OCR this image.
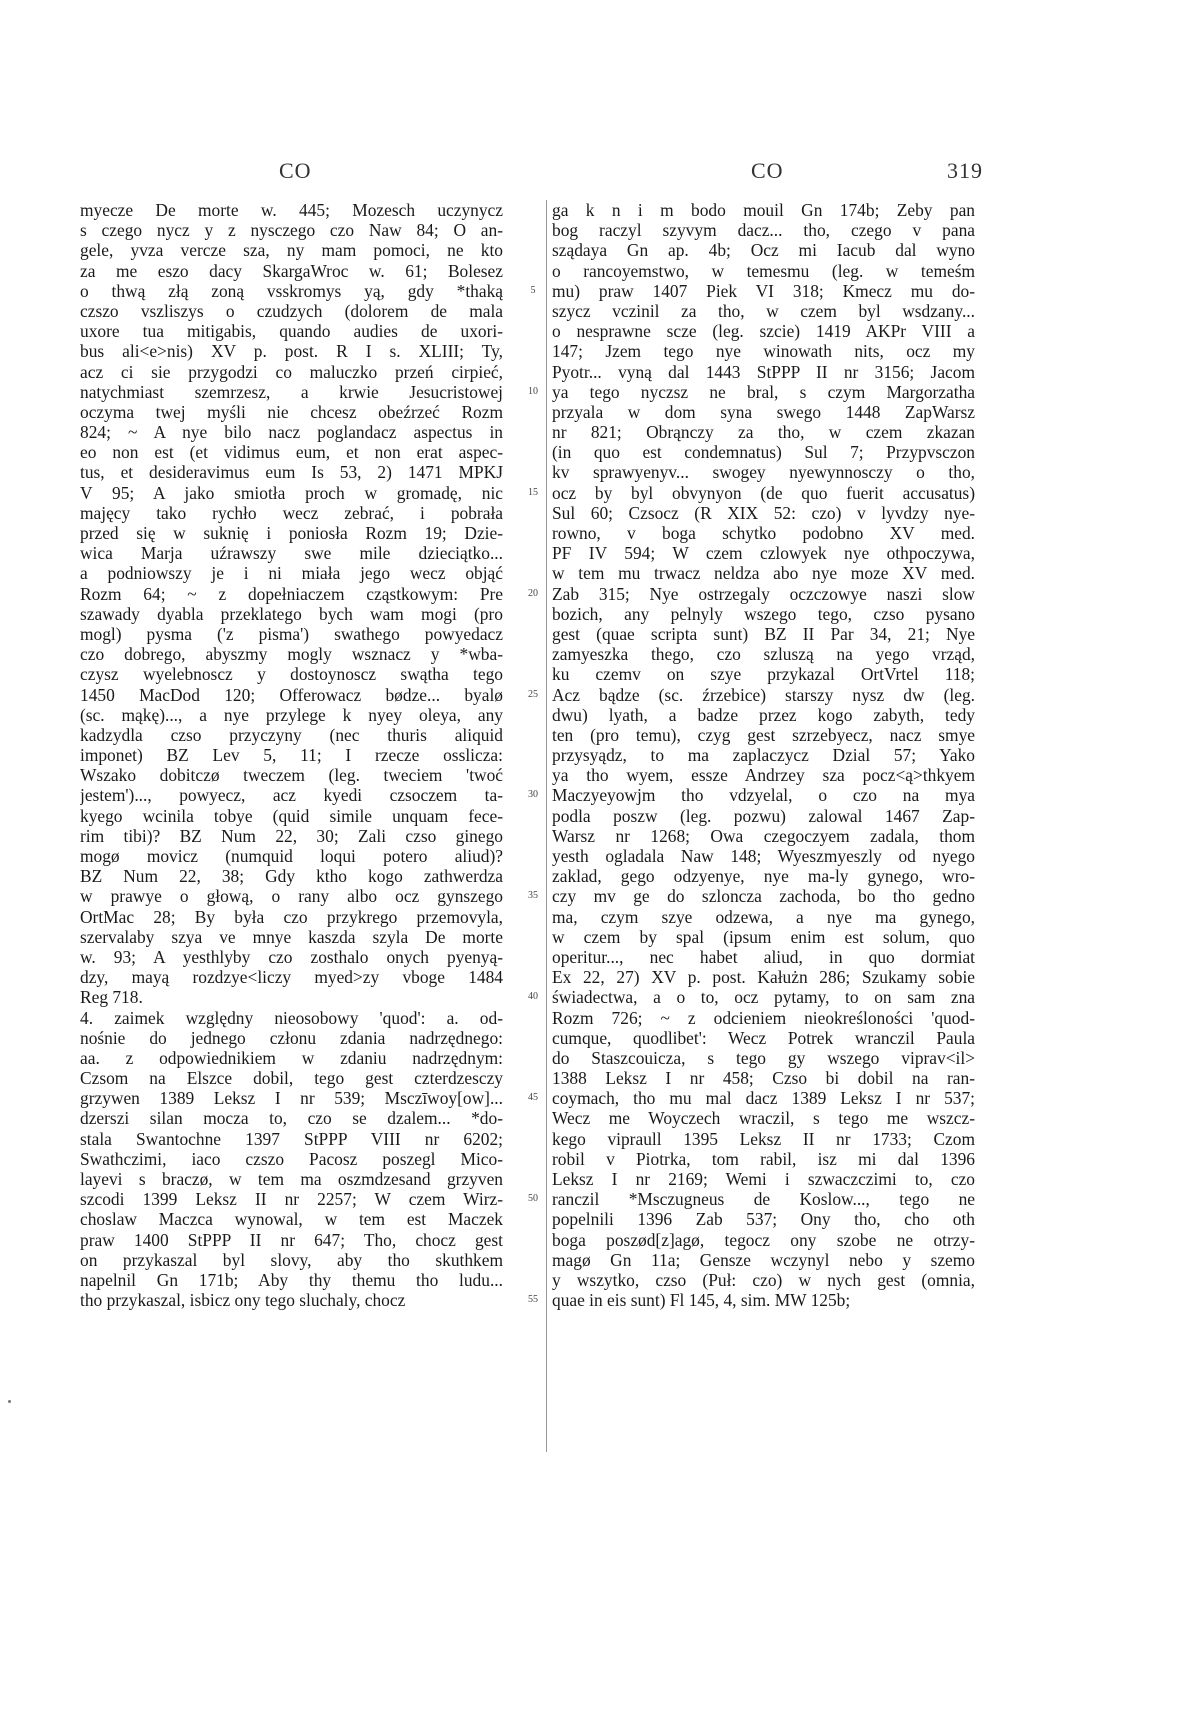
CO	CO	319

myecze De morte w. 445; Mozesch uczynycz

s czego nycz y z nysczego czo Naw 84; O an-

gele, yvza vercze sza, ny mam pomoci, ne kto

za me eszo dacy SkargaWroc w. 61; Bolesez

o thwą złą zoną vsskromys yą, gdy *thaką

czszo vszliszys o czudzych (dolorem de mala

uxore tua mitigabis, quando audies de uxori-

bus ali<e>nis) XV p. post. R I s. XLIII; Ty,

acz ci sie przygodzi co maluczko przeń cirpieć,

natychmiast szemrzesz, a krwie Jesucristowej

oczyma twej myśli nie chcesz obeźrzeć Rozm

824; ~ A nye bilo nacz poglandacz aspectus in

eo non est (et vidimus eum, et non erat aspec-

tus, et desideravimus eum Is 53, 2) 1471 MPKJ

V 95; A jako smiotła proch w gromadę, nic

majęcy tako rychło wecz zebrać, i pobrała

przed się w suknię i poniosła Rozm 19; Dzie-

wica Marja uźrawszy swe mile dzieciątko...

a podniowszy je i ni miała jego wecz objąć

Rozm 64; ~ z dopełniaczem cząstkowym: Pre

szawady dyabla przeklatego bych wam mogi (pro

mogl) pysma ('z pisma') swathego powyedacz

czo dobrego, abyszmy mogly wsznacz y *wba-

czysz wyelebnoscz y dostoynoscz swątha tego

1450 MacDod 120; Offerowacz bødze... byalø

(sc. mąkę)..., a nye przylege k nyey oleya, any

kadzydla czso przyczyny (nec thuris aliquid

imponet) BZ Lev 5, 11; I rzecze osslicza:

Wszako dobitczø tweczem (leg. tweciem 'twoć

jestem')..., powyecz, acz kyedi czsoczem ta-

kyego wcinila tobye (quid simile unquam fece-

rim tibi)? BZ Num 22, 30; Zali czso ginego

mogø movicz (numquid loqui potero aliud)?

BZ Num 22, 38; Gdy ktho kogo zathwerdza

w prawye o głową, o rany albo ocz gynszego

OrtMac 28; By była czo przykrego przemovyla,

szervalaby szya ve mnye kaszda szyla De morte

w. 93; A yesthlyby czo zosthalo onych pyenyą-

dzy, mayą rozdzye<liczy myed>zy vboge 1484

Reg 718.

4. zaimek względny nieosobowy 'quod': a. od-

nośnie do jednego członu zdania nadrzędnego:

aa. z odpowiednikiem w zdaniu nadrzędnym:

Czsom na Elszce dobil, tego gest czterdzesczy

grzywen 1389 Leksz I nr 539; Msczīwoy[ow]...

dzerszi silan mocza to, czo se dzalem... *do-

stala Swantochne 1397 StPPP VIII nr 6202;

Swathczimi, iaco czszo Pacosz poszegl Mico-

layevi s braczø, w tem ma oszmdzesand grzyven

szcodi 1399 Leksz II nr 2257; W czem Wirz-

choslaw Maczca wynowal, w tem est Maczek

praw 1400 StPPP II nr 647; Tho, chocz gest

on przykaszal byl slovy, aby tho skuthkem

napelnil Gn 171b; Aby thy themu tho ludu...

tho przykaszal, isbicz ony tego sluchaly, chocz

5
10
15
20
25
30
35
40
45
50
55

ga k n i m bodo mouil Gn 174b; Zeby pan

bog raczyl szyvym dacz... tho, czego v pana

sządaya Gn ap. 4b; Ocz mi Iacub dal wyno

o rancoyemstwo, w temesmu (leg. w temeśm

mu) praw 1407 Piek VI 318; Kmecz mu do-

szycz vczinil za tho, w czem byl wsdzany...

o nesprawne scze (leg. szcie) 1419 AKPr VIII a

147; Jzem tego nye winowath nits, ocz my

Pyotr... vyną dal 1443 StPPP II nr 3156; Jacom

ya tego nyczsz ne bral, s czym Margorzatha

przyala w dom syna swego 1448 ZapWarsz

nr 821; Obrąnczy za tho, w czem zkazan

(in quo est condemnatus) Sul 7; Przypvsczon

kv sprawyenyv... swogey nyewynnosczy o tho,

ocz by byl obvynyon (de quo fuerit accusatus)

Sul 60; Czsocz (R XIX 52: czo) v lyvdzy nye-

rowno, v boga schytko podobno XV med.

PF IV 594; W czem czlowyek nye othpoczywa,

w tem mu trwacz neldza abo nye moze XV med.

Zab 315; Nye ostrzegaly oczczowye naszi slow

bozich, any pelnyly wszego tego, czso pysano

gest (quae scripta sunt) BZ II Par 34, 21; Nye

zamyeszka thego, czo szluszą na yego vrząd,

ku czemv on szye przykazal OrtVrtel 118;

Acz bądze (sc. źrzebice) starszy nysz dw (leg.

dwu) lyath, a badze przez kogo zabyth, tedy

ten (pro temu), czyg gest szrzebyecz, nacz smye

przysyądz, to ma zaplaczycz Dzial 57; Yako

ya tho wyem, essze Andrzey sza pocz<ą>thkyem

Maczyeyowjm tho vdzyelal, o czo na mya

podla poszw (leg. pozwu) zalowal 1467 Zap-

Warsz nr 1268; Owa czegoczyem zadala, thom

yesth ogladala Naw 148; Wyeszmyeszly od nyego

zaklad, gego odzyenye, nye ma-ly gynego, wro-

czy mv ge do szloncza zachoda, bo tho gedno

ma, czym szye odzewa, a nye ma gynego,

w czem by spal (ipsum enim est solum, quo

operitur..., nec habet aliud, in quo dormiat

Ex 22, 27) XV p. post. Kałużn 286; Szukamy sobie

świadectwa, a o to, ocz pytamy, to on sam zna

Rozm 726; ~ z odcieniem nieokreśloności 'quod-

cumque, quodlibet': Wecz Potrek wranczil Paula

do Staszcouicza, s tego gy wszego viprav<il>

1388 Leksz I nr 458; Czso bi dobil na ran-

coymach, tho mu mal dacz 1389 Leksz I nr 537;

Wecz me Woyczech wraczil, s tego me wszcz-

kego vipraull 1395 Leksz II nr 1733; Czom

robil v Piotrka, tom rabil, isz mi dal 1396

Leksz I nr 2169; Wemi i szwaczczimi to, czo

ranczil *Msczugneus de Koslow..., tego ne

popelnili 1396 Zab 537; Ony tho, cho oth

boga poszød[z]agø, tegocz ony szobe ne otrzy-

magø Gn 11a; Gensze wczynyl nebo y szemo

y wszytko, czso (Puł: czo) w nych gest (omnia,

quae in eis sunt) Fl 145, 4, sim. MW 125b;
